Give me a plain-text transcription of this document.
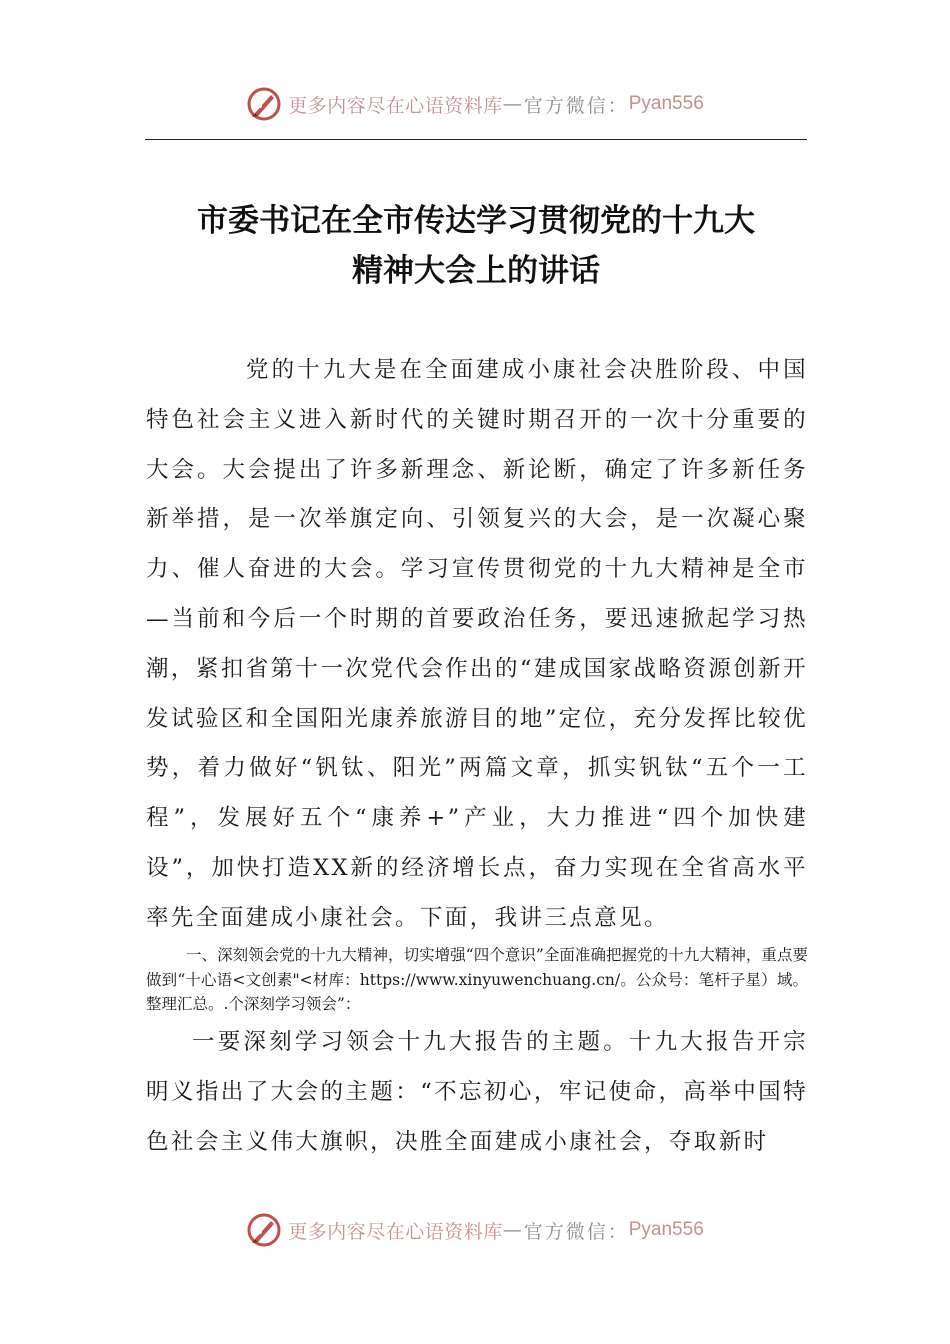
更多内容尽在心语资料库 — 官方微信： Pyan556
市委书记在全市传达学习贯彻党的十九大
精神大会上的讲话

党的十九大是在全面建成小康社会决胜阶段、中国特色社会主义进入新时代的关键时期召开的一次十分重要的大会。大会提出了许多新理念、新论断，确定了许多新任务新举措，是一次举旗定向、引领复兴的大会，是一次凝心聚力、催人奋进的大会。学习宣传贯彻党的十九大精神是全市—当前和今后一个时期的首要政治任务，要迅速掀起学习热潮，紧扣省第十一次党代会作出的“建成国家战略资源创新开发试验区和全国阳光康养旅游目的地”定位，充分发挥比较优势，着力做好“钒钛、阳光”两篇文章，抓实钒钛“五个一工程”，发展好五个“康养+”产业，大力推进“四个加快建设”，加快打造XX新的经济增长点，奋力实现在全省高水平率先全面建成小康社会。下面，我讲三点意见。

一、深刻领会党的十九大精神，切实增强“四个意识”全面准确把握党的十九大精神，重点要做到“十心语<文创素"<材库：https://www.xinyuwenchuang.cn/。公众号：笔杆子星）域。整理汇总。.个深刻学习领会”：

一要深刻学习领会十九大报告的主题。十九大报告开宗明义指出了大会的主题：“不忘初心，牢记使命，高举中国特色社会主义伟大旗帜，决胜全面建成小康社会，夺取新时

更多内容尽在心语资料库 — 官方微信： Pyan556
